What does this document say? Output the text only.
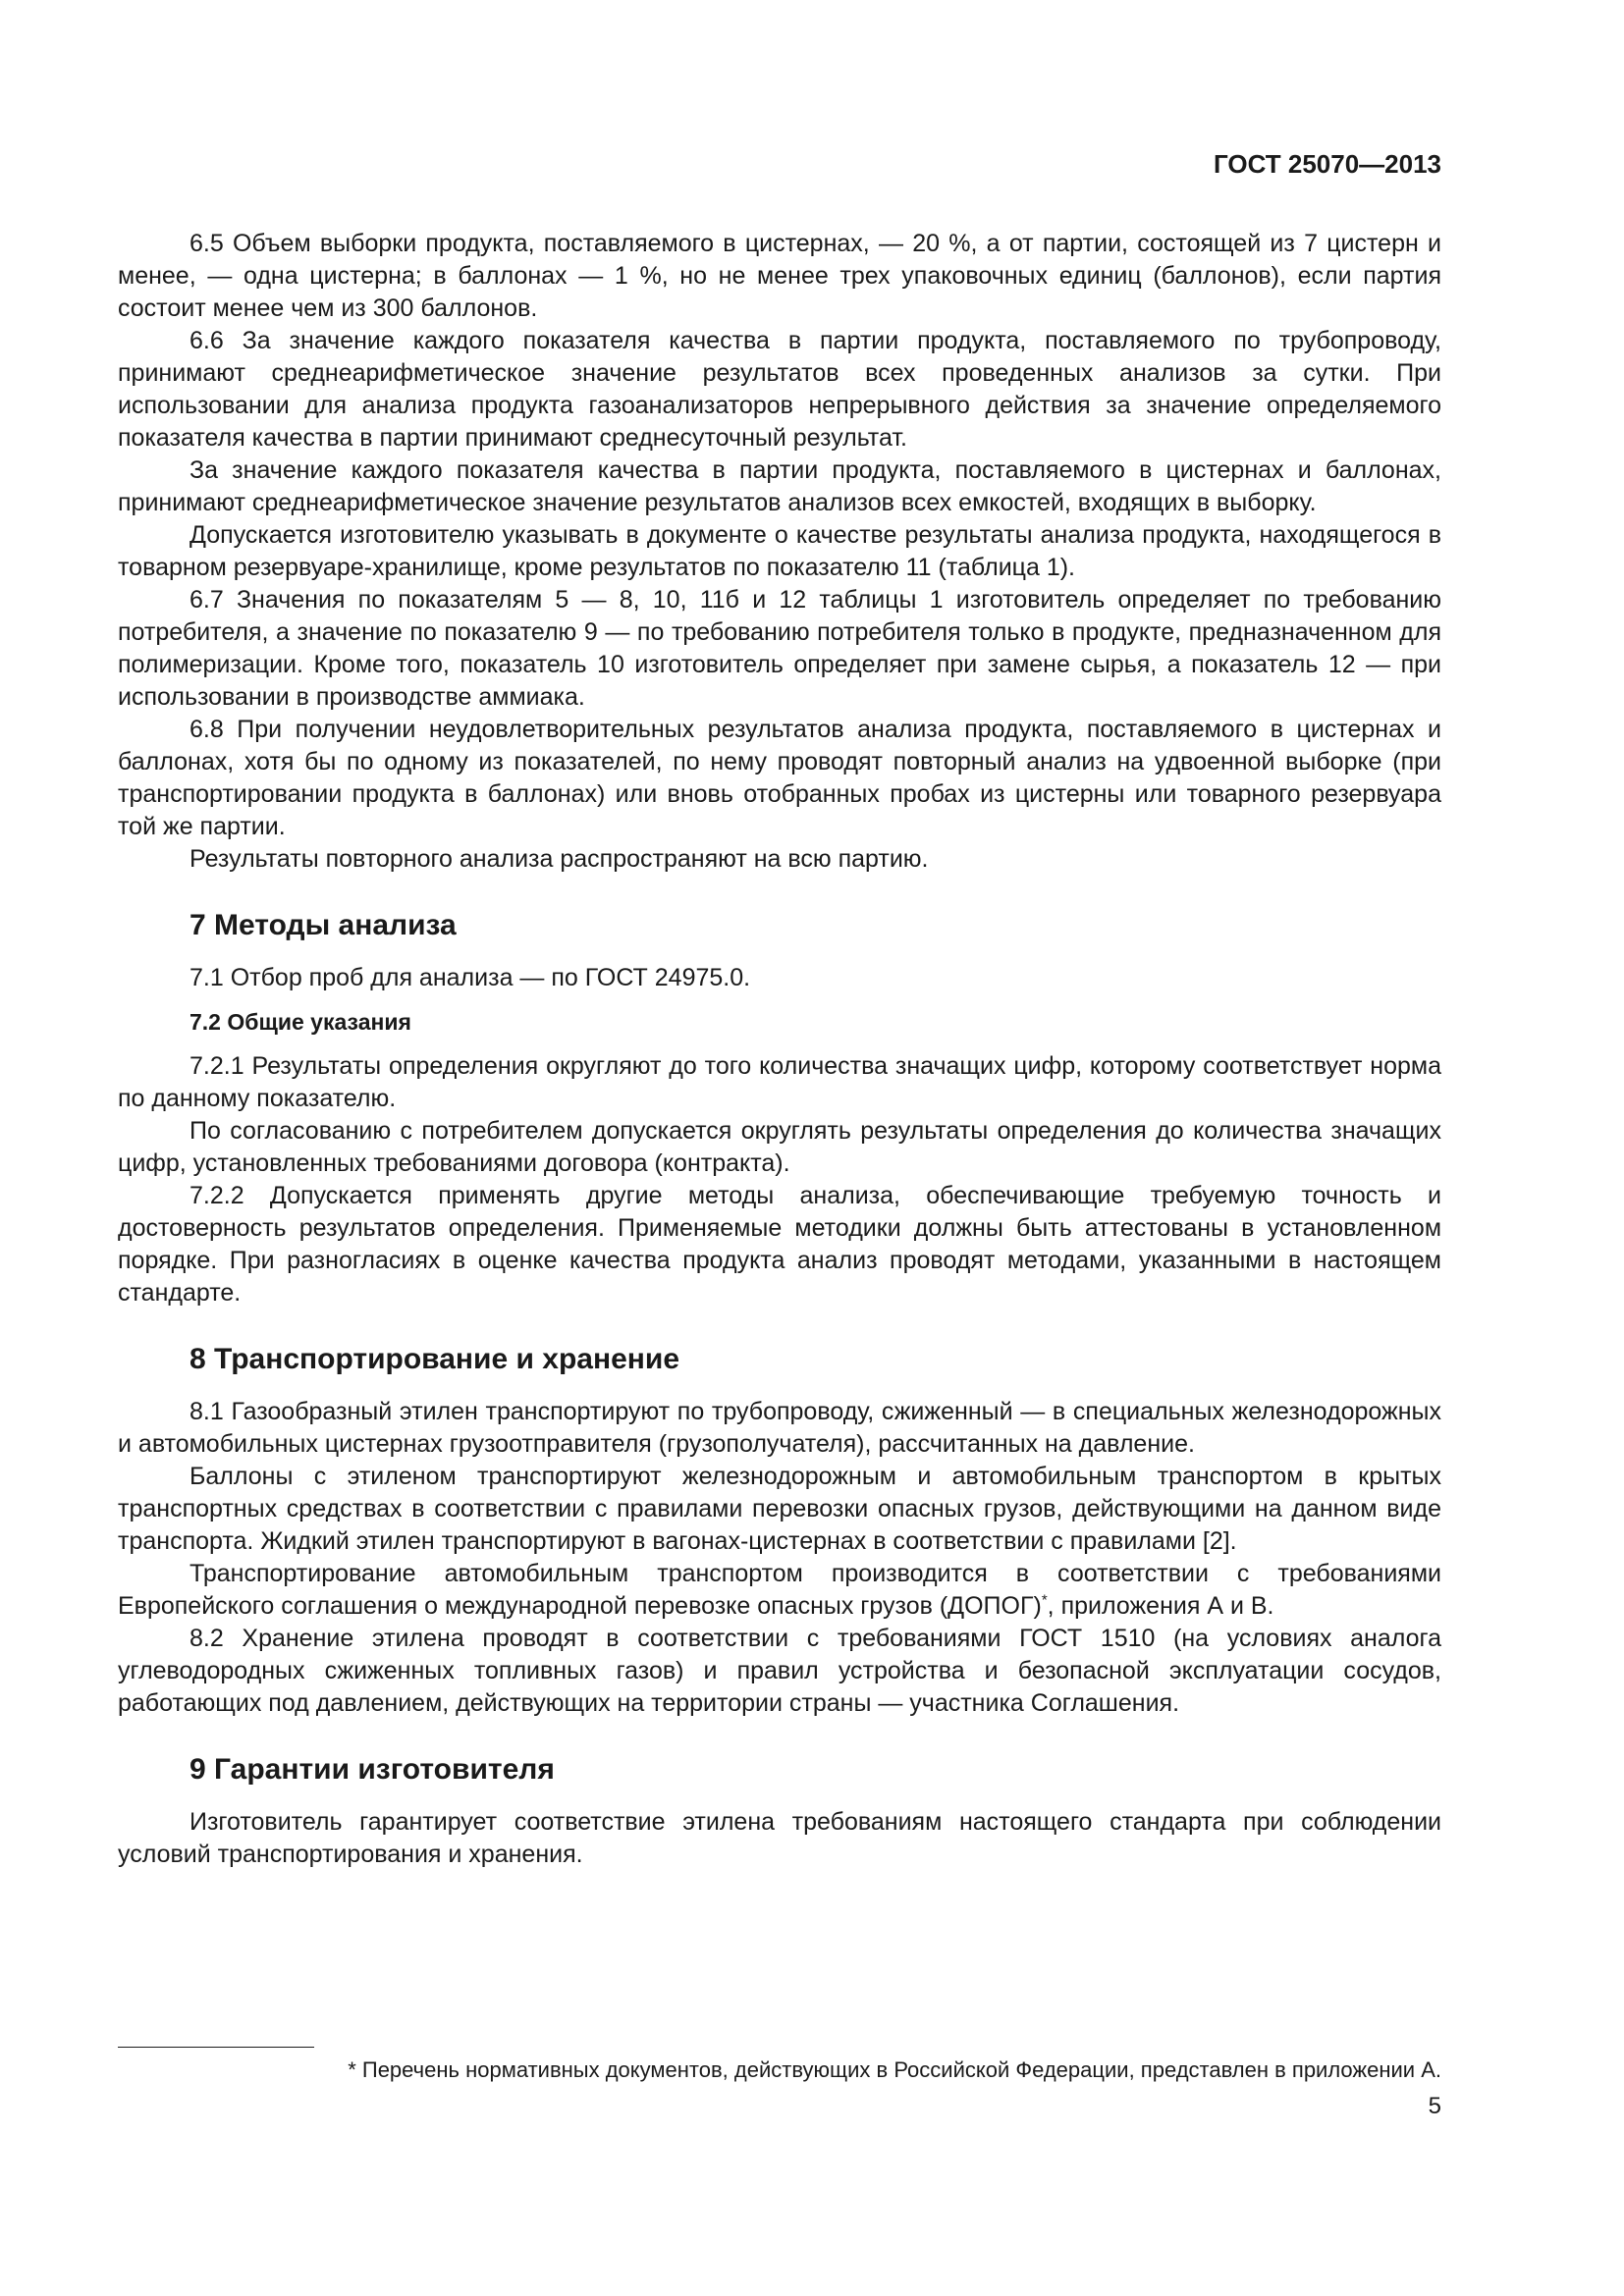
ГОСТ 25070—2013

6.5 Объем выборки продукта, поставляемого в цистернах, — 20 %, а от партии, состоящей из 7 цистерн и менее, — одна цистерна; в баллонах — 1 %, но не менее трех упаковочных единиц (баллонов), если партия состоит менее чем из 300 баллонов.

6.6 За значение каждого показателя качества в партии продукта, поставляемого по трубопроводу, принимают среднеарифметическое значение результатов всех проведенных анализов за сутки. При использовании для анализа продукта газоанализаторов непрерывного действия за значение определяемого показателя качества в партии принимают среднесуточный результат.

За значение каждого показателя качества в партии продукта, поставляемого в цистернах и баллонах, принимают среднеарифметическое значение результатов анализов всех емкостей, входящих в выборку.

Допускается изготовителю указывать в документе о качестве результаты анализа продукта, находящегося в товарном резервуаре-хранилище, кроме результатов по показателю 11 (таблица 1).

6.7 Значения по показателям 5 — 8, 10, 11б и 12 таблицы 1 изготовитель определяет по требованию потребителя, а значение по показателю 9 — по требованию потребителя только в продукте, предназначенном для полимеризации. Кроме того, показатель 10 изготовитель определяет при замене сырья, а показатель 12 — при использовании в производстве аммиака.

6.8 При получении неудовлетворительных результатов анализа продукта, поставляемого в цистернах и баллонах, хотя бы по одному из показателей, по нему проводят повторный анализ на удвоенной выборке (при транспортировании продукта в баллонах) или вновь отобранных пробах из цистерны или товарного резервуара той же партии.

Результаты повторного анализа распространяют на всю партию.

7 Методы анализа

7.1 Отбор проб для анализа — по ГОСТ 24975.0.

7.2 Общие указания

7.2.1 Результаты определения округляют до того количества значащих цифр, которому соответствует норма по данному показателю.

По согласованию с потребителем допускается округлять результаты определения до количества значащих цифр, установленных требованиями договора (контракта).

7.2.2 Допускается применять другие методы анализа, обеспечивающие требуемую точность и достоверность результатов определения. Применяемые методики должны быть аттестованы в установленном порядке. При разногласиях в оценке качества продукта анализ проводят методами, указанными в настоящем стандарте.

8 Транспортирование и хранение

8.1 Газообразный этилен транспортируют по трубопроводу, сжиженный — в специальных железнодорожных и автомобильных цистернах грузоотправителя (грузополучателя), рассчитанных на давление.

Баллоны с этиленом транспортируют железнодорожным и автомобильным транспортом в крытых транспортных средствах в соответствии с правилами перевозки опасных грузов, действующими на данном виде транспорта. Жидкий этилен транспортируют в вагонах-цистернах в соответствии с правилами [2].

Транспортирование автомобильным транспортом производится в соответствии с требованиями Европейского соглашения о международной перевозке опасных грузов (ДОПОГ)*, приложения А и В.

8.2 Хранение этилена проводят в соответствии с требованиями ГОСТ 1510 (на условиях аналога углеводородных сжиженных топливных газов) и правил устройства и безопасной эксплуатации сосудов, работающих под давлением, действующих на территории страны — участника Соглашения.

9 Гарантии изготовителя

Изготовитель гарантирует соответствие этилена требованиям настоящего стандарта при соблюдении условий транспортирования и хранения.

* Перечень нормативных документов, действующих в Российской Федерации, представлен в приложении А.
5
